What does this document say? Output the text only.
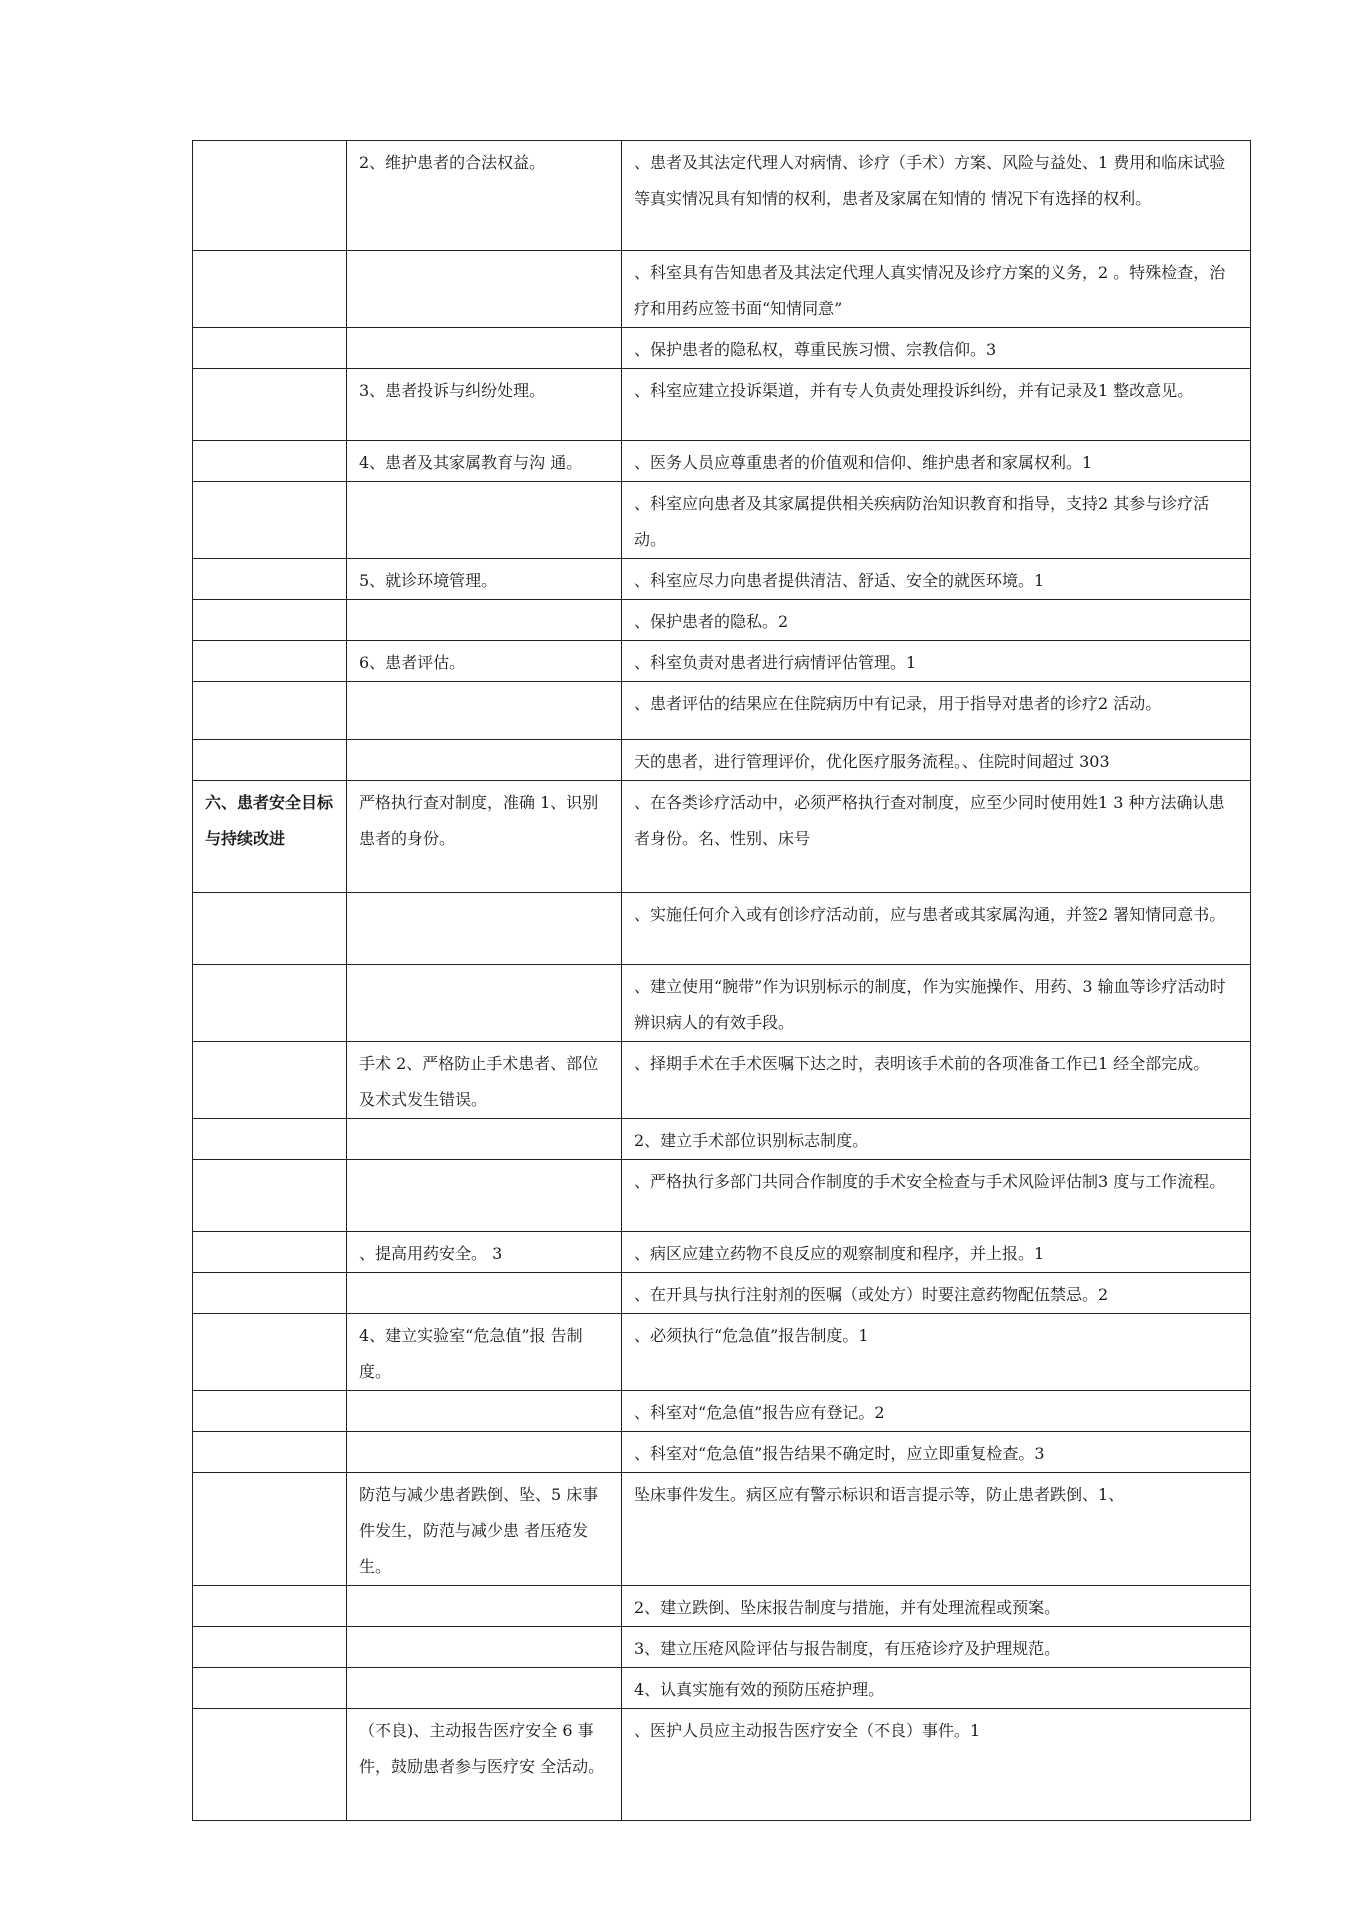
	2、维护患者的合法权益。	、患者及其法定代理人对病情、诊疗（手术）方案、风险与益处、1 费用和临床试验等真实情况具有知情的权利，患者及家属在知情的 情况下有选择的权利。
		、科室具有告知患者及其法定代理人真实情况及诊疗方案的义务，2 。特殊检查，治疗和用药应签书面“知情同意”
		、保护患者的隐私权，尊重民族习惯、宗教信仰。3
	3、患者投诉与纠纷处理。	、科室应建立投诉渠道，并有专人负责处理投诉纠纷，并有记录及1 整改意见。
	4、患者及其家属教育与沟 通。	、医务人员应尊重患者的价值观和信仰、维护患者和家属权利。1
		、科室应向患者及其家属提供相关疾病防治知识教育和指导，支持2 其参与诊疗活动。
	5、就诊环境管理。	、科室应尽力向患者提供清洁、舒适、安全的就医环境。1
		、保护患者的隐私。2
	6、患者评估。	、科室负责对患者进行病情评估管理。1
		、患者评估的结果应在住院病历中有记录，用于指导对患者的诊疗2 活动。
		天的患者，进行管理评价，优化医疗服务流程。、住院时间超过 303
六、患者安全目标与持续改进	严格执行查对制度，准确 1、识别患者的身份。	、在各类诊疗活动中，必须严格执行查对制度，应至少同时使用姓1 3 种方法确认患者身份。名、性别、床号
		、实施任何介入或有创诊疗活动前，应与患者或其家属沟通，并签2 署知情同意书。
		、建立使用“腕带”作为识别标示的制度，作为实施操作、用药、3 输血等诊疗活动时辨识病人的有效手段。
	手术 2、严格防止手术患者、部位及术式发生错误。	、择期手术在手术医嘱下达之时，表明该手术前的各项准备工作已1 经全部完成。
		2、建立手术部位识别标志制度。
		、严格执行多部门共同合作制度的手术安全检查与手术风险评估制3 度与工作流程。
	、提高用药安全。 3	、病区应建立药物不良反应的观察制度和程序，并上报。1
		、在开具与执行注射剂的医嘱（或处方）时要注意药物配伍禁忌。2
	4、建立实验室“危急值”报 告制度。	、必须执行“危急值”报告制度。1
		、科室对“危急值”报告应有登记。2
		、科室对“危急值”报告结果不确定时，应立即重复检查。3
	防范与减少患者跌倒、坠、5 床事件发生，防范与减少患 者压疮发生。	坠床事件发生。病区应有警示标识和语言提示等，防止患者跌倒、1、
		2、建立跌倒、坠床报告制度与措施，并有处理流程或预案。
		3、建立压疮风险评估与报告制度，有压疮诊疗及护理规范。
		4、认真实施有效的预防压疮护理。
	（不良)、主动报告医疗安全 6 事件，鼓励患者参与医疗安 全活动。	、医护人员应主动报告医疗安全（不良）事件。1
